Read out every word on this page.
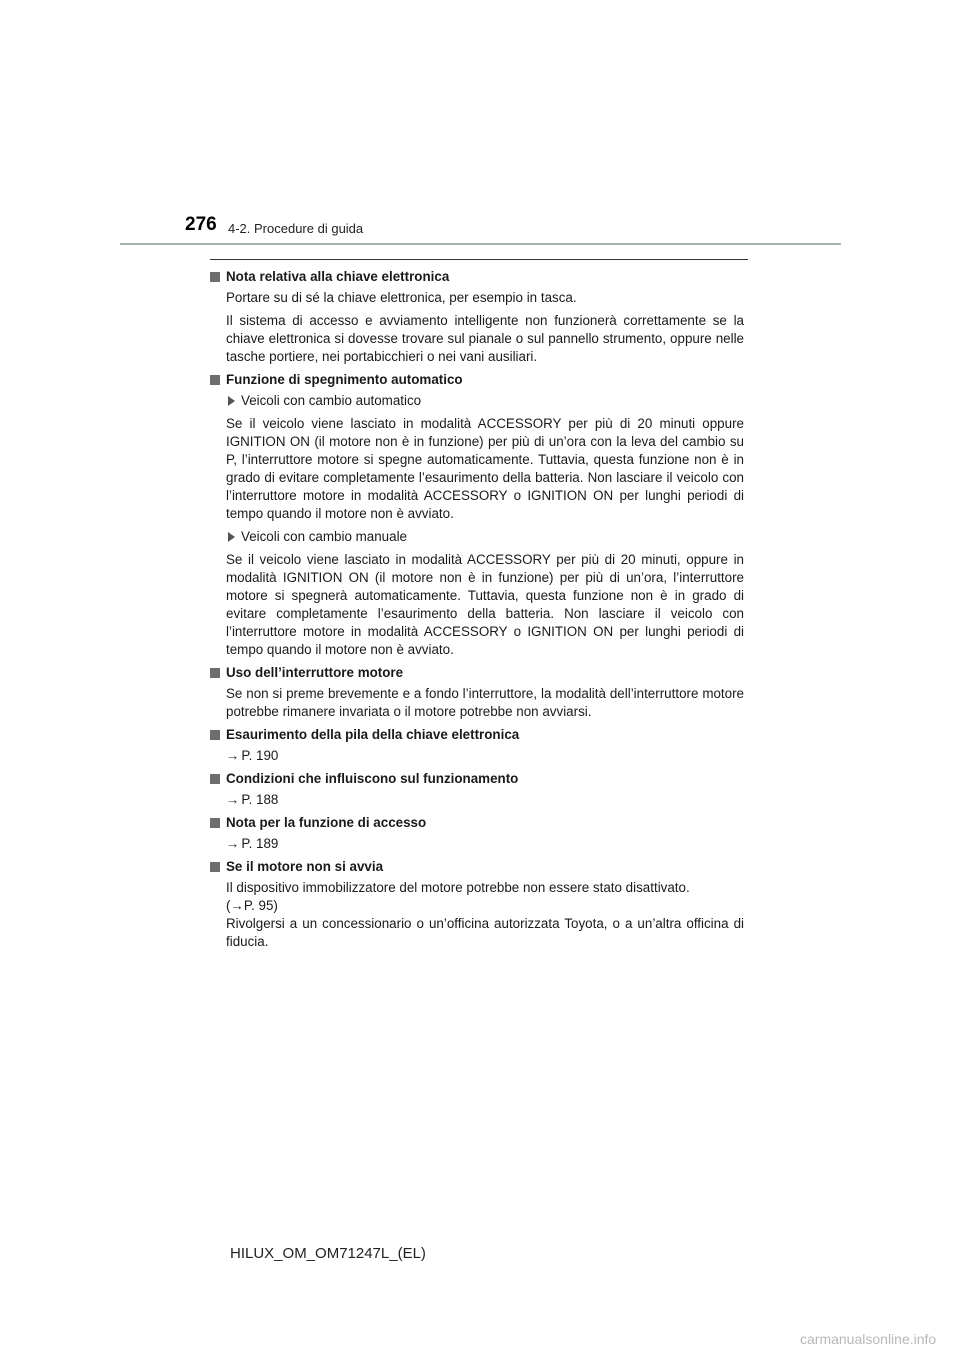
276 4-2. Procedure di guida

Nota relativa alla chiave elettronica

Portare su di sé la chiave elettronica, per esempio in tasca.

Il sistema di accesso e avviamento intelligente non funzionerà correttamente se la chiave elettronica si dovesse trovare sul pianale o sul pannello strumento, oppure nelle tasche portiere, nei portabicchieri o nei vani ausiliari.

Funzione di spegnimento automatico

Veicoli con cambio automatico

Se il veicolo viene lasciato in modalità ACCESSORY per più di 20 minuti oppure IGNITION ON (il motore non è in funzione) per più di un’ora con la leva del cambio su P, l’interruttore motore si spegne automaticamente. Tuttavia, questa funzione non è in grado di evitare completamente l’esaurimento della batteria. Non lasciare il veicolo con l’interruttore motore in modalità ACCESSORY o IGNITION ON per lunghi periodi di tempo quando il motore non è avviato.

Veicoli con cambio manuale

Se il veicolo viene lasciato in modalità ACCESSORY per più di 20 minuti, oppure in modalità IGNITION ON (il motore non è in funzione) per più di un’ora, l’interruttore motore si spegnerà automaticamente. Tuttavia, questa funzione non è in grado di evitare completamente l’esaurimento della batteria. Non lasciare il veicolo con l’interruttore motore in modalità ACCESSORY o IGNITION ON per lunghi periodi di tempo quando il motore non è avviato.

Uso dell’interruttore motore

Se non si preme brevemente e a fondo l’interruttore, la modalità dell’interruttore motore potrebbe rimanere invariata o il motore potrebbe non avviarsi.

Esaurimento della pila della chiave elettronica

→ P. 190

Condizioni che influiscono sul funzionamento

→ P. 188

Nota per la funzione di accesso

→ P. 189

Se il motore non si avvia

Il dispositivo immobilizzatore del motore potrebbe non essere stato disattivato.
(→P. 95)
Rivolgersi a un concessionario o un’officina autorizzata Toyota, o a un’altra officina di fiducia.

HILUX_OM_OM71247L_(EL)
carmanualsonline.info
